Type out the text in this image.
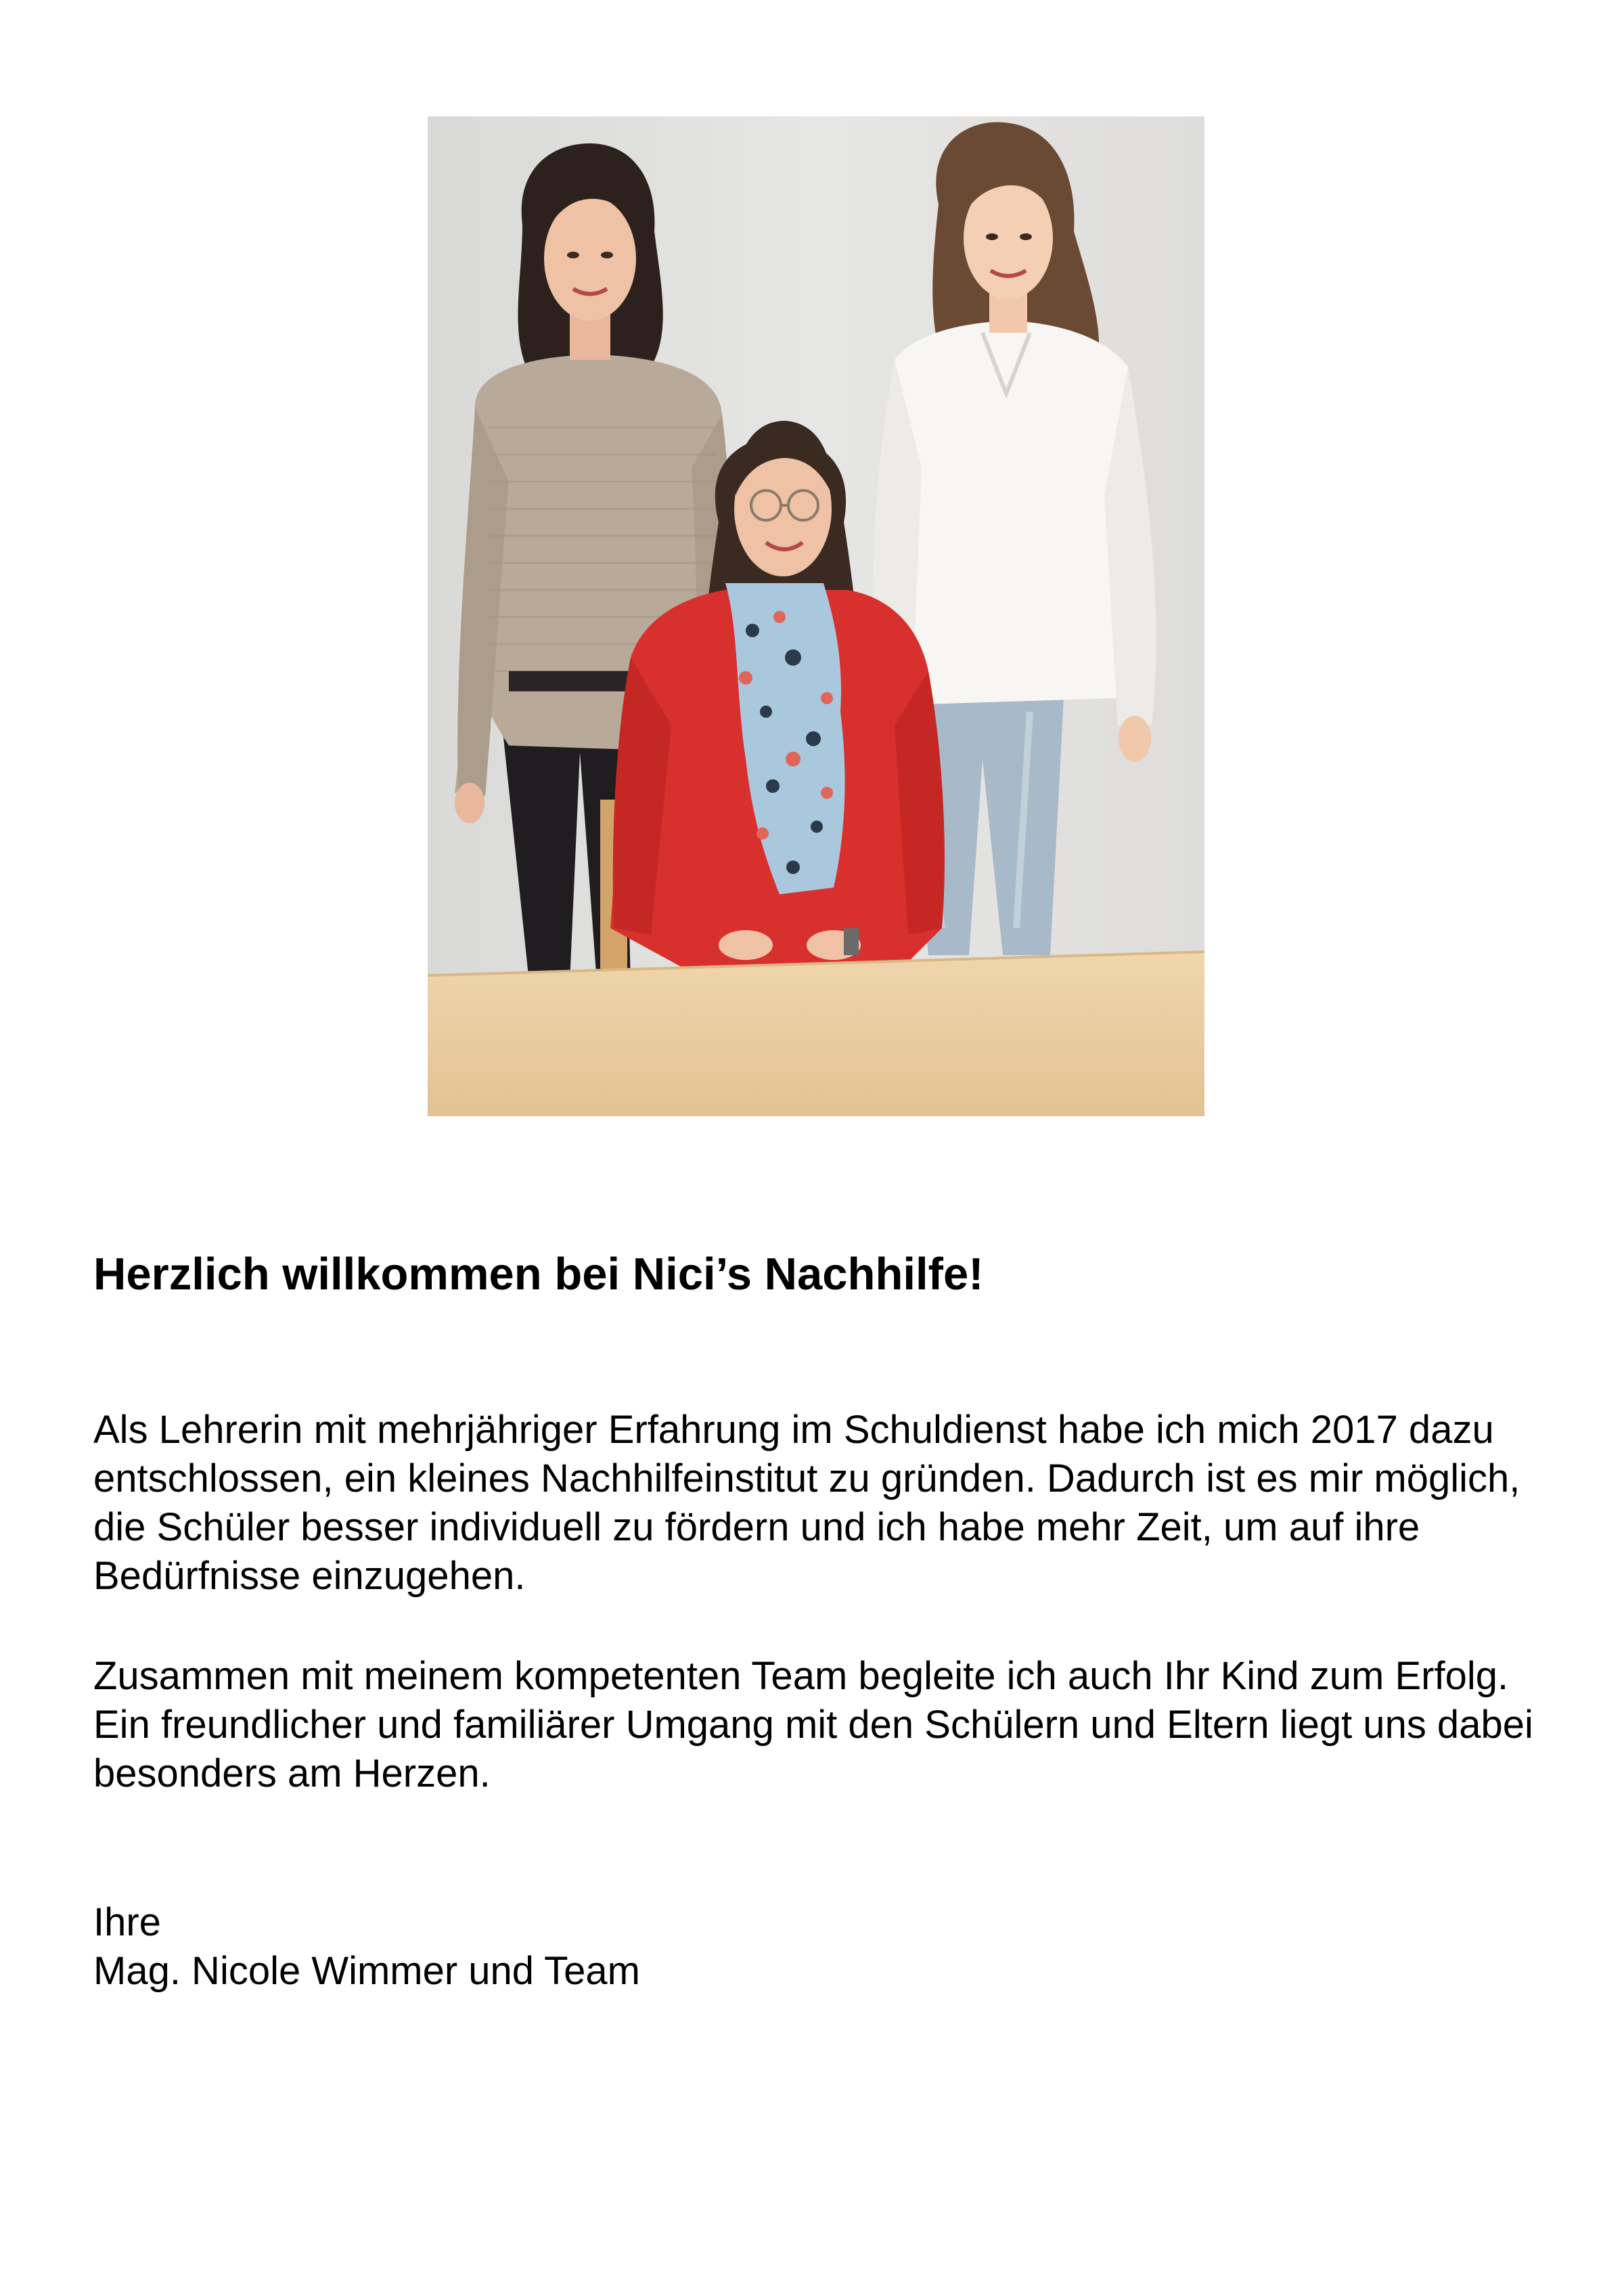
Herzlich willkommen bei Nici’s Nachhilfe!

Als Lehrerin mit mehrjähriger Erfahrung im Schuldienst habe ich mich 2017 dazu entschlossen, ein kleines Nachhilfeinstitut zu gründen. Dadurch ist es mir möglich, die Schüler besser individuell zu fördern und ich habe mehr Zeit, um auf ihre Bedürfnisse einzugehen.

Zusammen mit meinem kompetenten Team begleite ich auch Ihr Kind zum Erfolg. Ein freundlicher und familiärer Umgang mit den Schülern und Eltern liegt uns dabei besonders am Herzen.

Ihre
Mag. Nicole Wimmer und Team
